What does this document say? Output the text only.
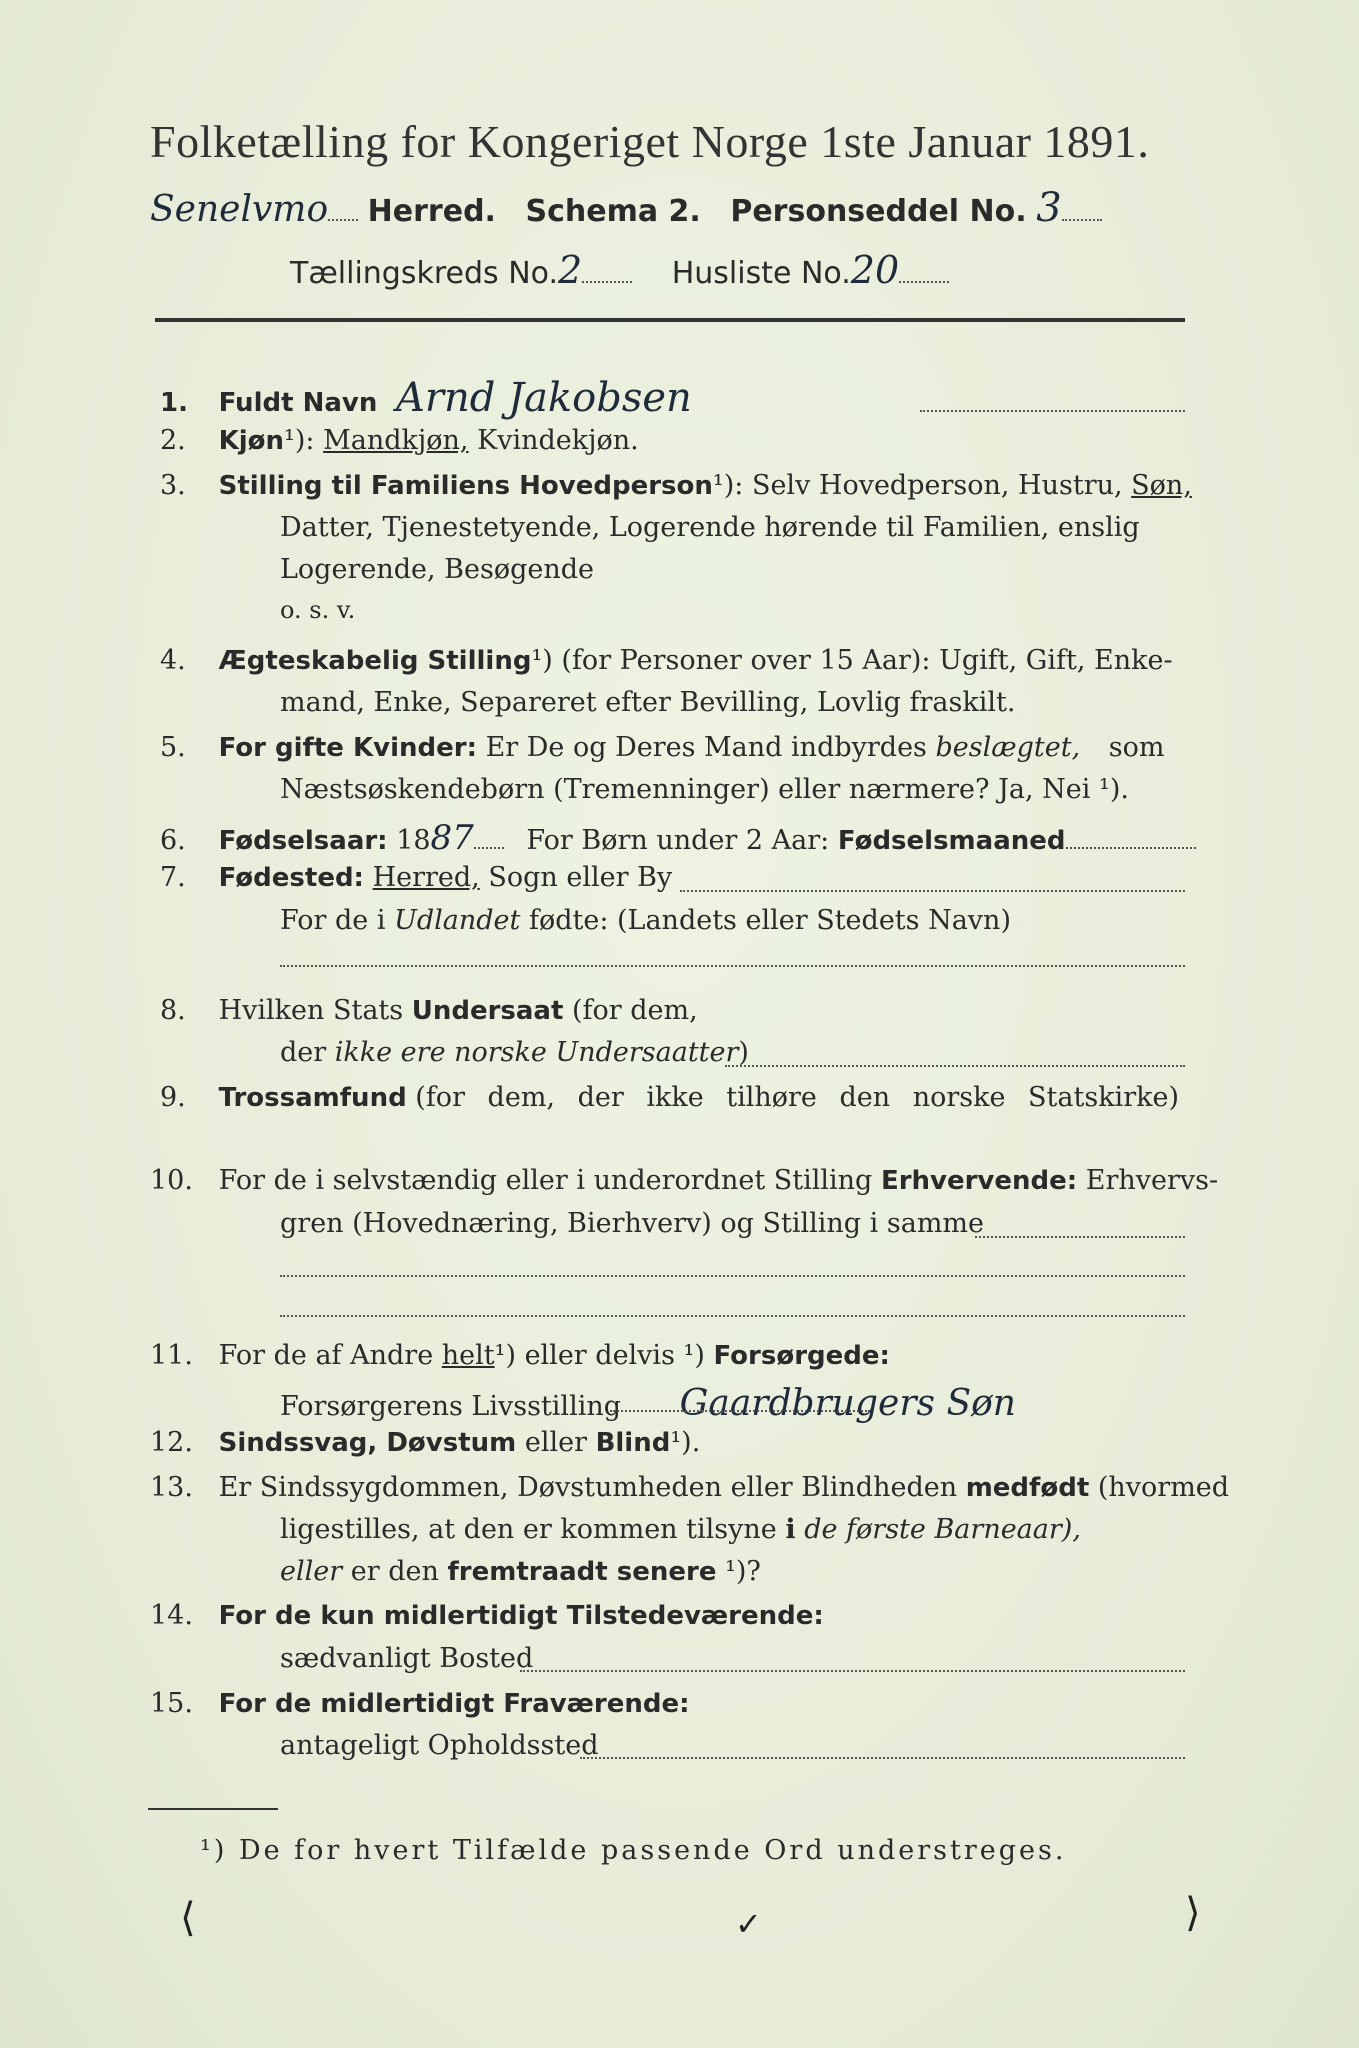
Folketælling for Kongeriget Norge 1ste Januar 1891.
Senelvmo Herred. Schema 2. Personseddel No. 3
Tællingskreds No.2	Husliste No.20
1. Fuldt Navn Arnd Jakobsen
2. Kjøn¹): Mandkjøn, Kvindekjøn.
3. Stilling til Familiens Hovedperson¹): Selv Hovedperson, Hustru, Søn,
Datter, Tjenestetyende, Logerende hørende til Familien, enslig
Logerende, Besøgende
o. s. v.
4. Ægteskabelig Stilling¹) (for Personer over 15 Aar): Ugift, Gift, Enke-
mand, Enke, Separeret efter Bevilling, Lovlig fraskilt.
5. For gifte Kvinder: Er De og Deres Mand indbyrdes beslægtet, som
Næstsøskendebørn (Tremenninger) eller nærmere? Ja, Nei ¹).
6. Fødselsaar: 1887 For Børn under 2 Aar: Fødselsmaaned
7. Fødested: Herred, Sogn eller By
For de i Udlandet fødte: (Landets eller Stedets Navn)
8. Hvilken Stats Undersaat (for dem,
der ikke ere norske Undersaatter)
9. Trossamfund (for dem, der ikke tilhøre den norske Statskirke)
10. For de i selvstændig eller i underordnet Stilling Erhvervende: Erhvervs-
gren (Hovednæring, Bierhverv) og Stilling i samme
11. For de af Andre helt¹) eller delvis ¹) Forsørgede:
Forsørgerens Livsstilling Gaardbrugers Søn
12. Sindssvag, Døvstum eller Blind¹).
13. Er Sindssygdommen, Døvstumheden eller Blindheden medfødt (hvormed
ligestilles, at den er kommen tilsyne i de første Barneaar),
eller er den fremtraadt senere ¹)?
14. For de kun midlertidigt Tilstedeværende:
sædvanligt Bosted
15. For de midlertidigt Fraværende:
antageligt Opholdssted
¹) De for hvert Tilfælde passende Ord understreges.
⟨	✓	⟩
